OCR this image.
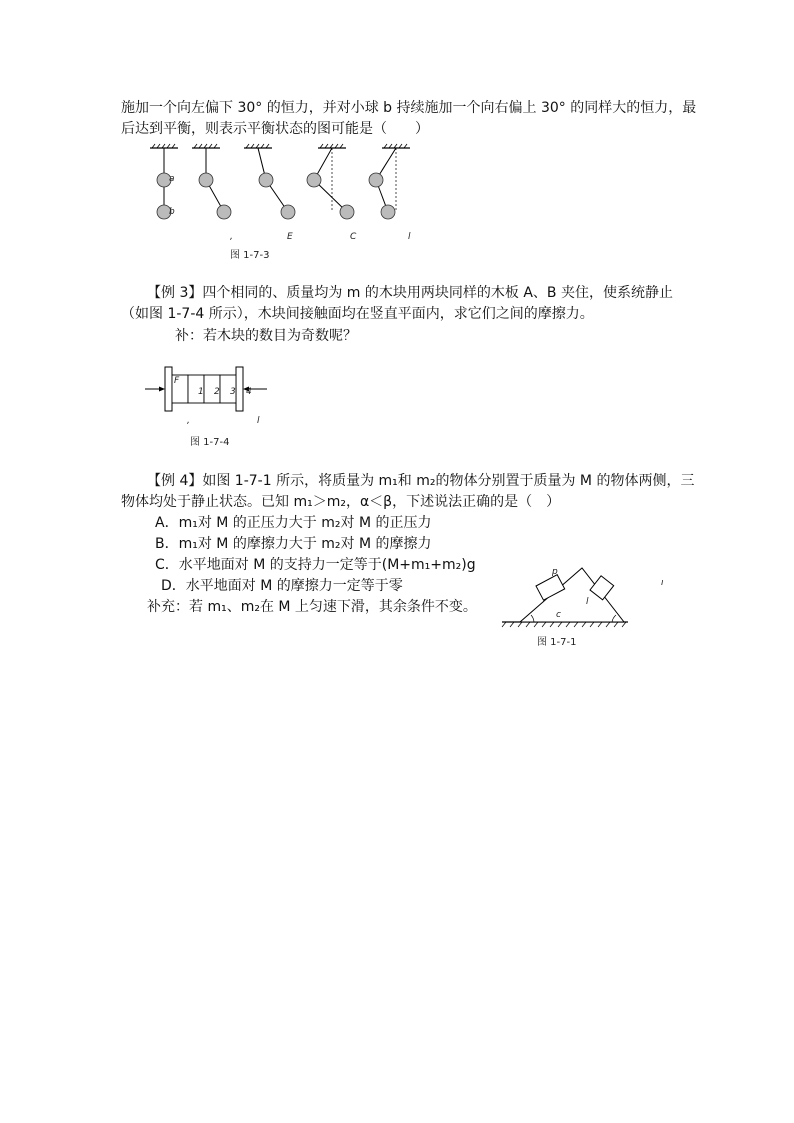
施加一个向左偏下 30° 的恒力，并对小球 b 持续施加一个向右偏上 30° 的同样大的恒力，最
后达到平衡，则表示平衡状态的图可能是（　　）
a
b
,	E	C	l
图 1-7-3
【例 3】四个相同的、质量均为 m 的木块用两块同样的木板 A、B 夹住，使系统静止
（如图 1-7-4 所示），木块间接触面均在竖直平面内，求它们之间的摩擦力。
补：若木块的数目为奇数呢？
F
1 2 3 4
,	l
图 1-7-4
【例 4】如图 1-7-1 所示，将质量为 m₁和 m₂的物体分别置于质量为 M 的物体两侧，三
物体均处于静止状态。已知 m₁＞m₂，α＜β，下述说法正确的是（　）
A．m₁对 M 的正压力大于 m₂对 M 的正压力
B．m₁对 M 的摩擦力大于 m₂对 M 的摩擦力
C．水平地面对 M 的支持力一定等于(M+m₁+m₂)g
D．水平地面对 M 的摩擦力一定等于零
补充：若 m₁、m₂在 M 上匀速下滑，其余条件不变。
p
c
l
ı
图 1-7-1
